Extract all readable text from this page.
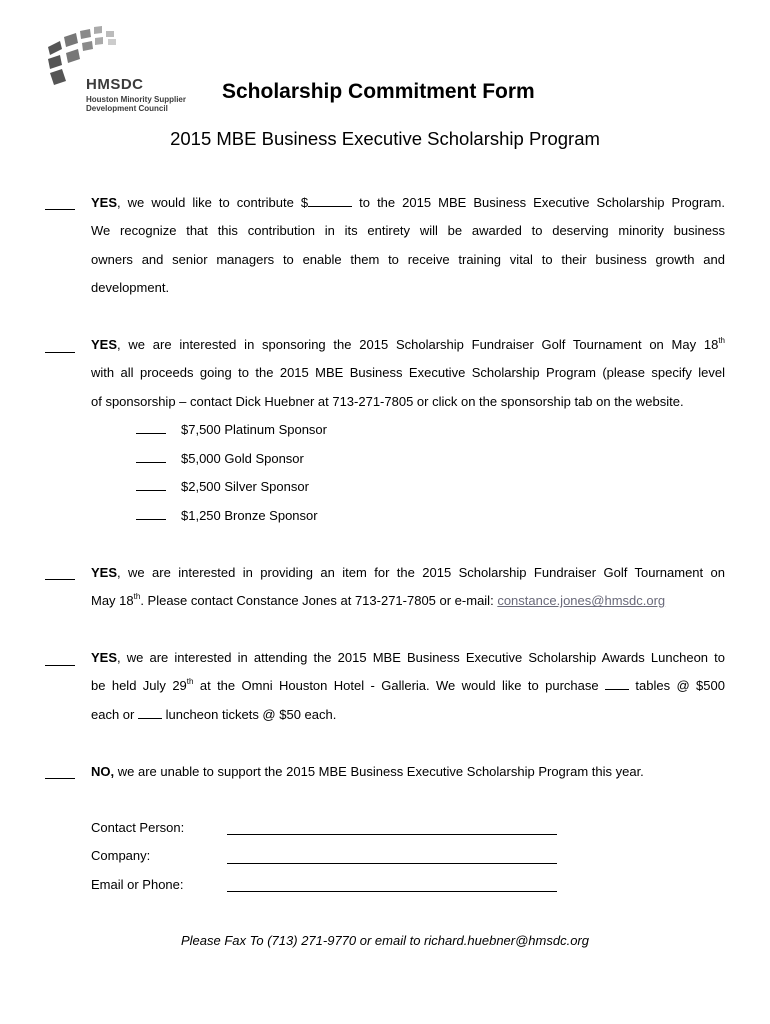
HMSDC
Houston Minority Supplier
Development Council
Scholarship Commitment Form
2015 MBE Business Executive Scholarship Program
YES, we would like to contribute $	to the 2015 MBE Business Executive Scholarship Program.
We recognize that this contribution in its entirety will be awarded to deserving minority business
owners and senior managers to enable them to receive training vital to their business growth and
development.
YES, we are interested in sponsoring the 2015 Scholarship Fundraiser Golf Tournament on May 18th
with all proceeds going to the 2015 MBE Business Executive Scholarship Program (please specify level
of sponsorship – contact Dick Huebner at 713-271-7805 or click on the sponsorship tab on the website.
$7,500 Platinum Sponsor
$5,000 Gold Sponsor
$2,500 Silver Sponsor
$1,250 Bronze Sponsor
YES, we are interested in providing an item for the 2015 Scholarship Fundraiser Golf Tournament on
May 18th. Please contact Constance Jones at 713-271-7805 or e-mail: constance.jones@hmsdc.org
YES, we are interested in attending the 2015 MBE Business Executive Scholarship Awards Luncheon to
be held July 29th at the Omni Houston Hotel - Galleria. We would like to purchase  tables @ $500
each or  luncheon tickets @ $50 each.
NO, we are unable to support the 2015 MBE Business Executive Scholarship Program this year.
Contact Person:
Company:
Email or Phone:
Please Fax To (713) 271-9770 or email to richard.huebner@hmsdc.org
